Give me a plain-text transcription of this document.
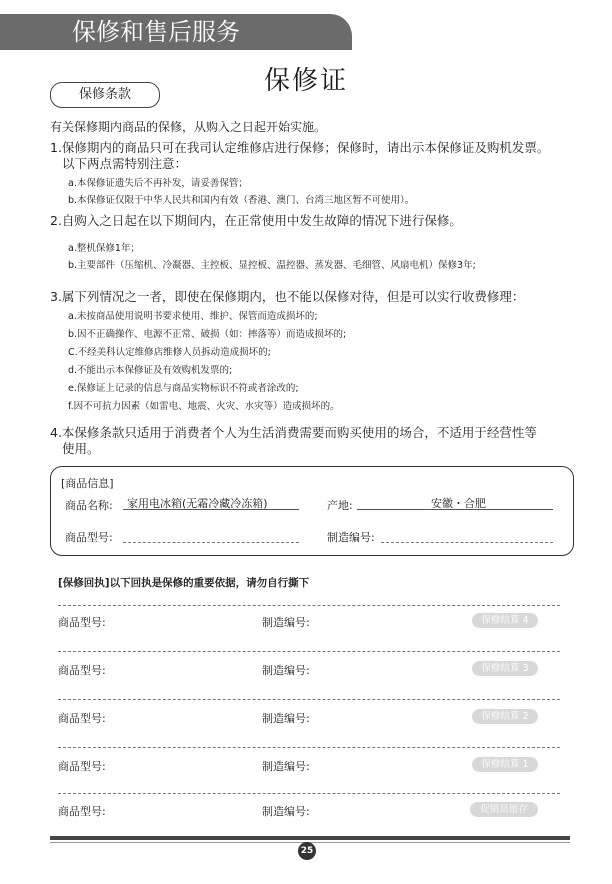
保修和售后服务
保修证
保修条款
有关保修期内商品的保修，从购入之日起开始实施。
1.保修期内的商品只可在我司认定维修店进行保修；保修时，请出示本保修证及购机发票。
以下两点需特别注意：
a.本保修证遗失后不再补发，请妥善保管；
b.本保修证仅限于中华人民共和国内有效（香港、澳门、台湾三地区暂不可使用）。
2.自购入之日起在以下期间内，在正常使用中发生故障的情况下进行保修。
a.整机保修1年；
b.主要部件（压缩机、冷凝器、主控板、显控板、温控器、蒸发器、毛细管、风扇电机）保修3年;
3.属下列情况之一者，即使在保修期内，也不能以保修对待，但是可以实行收费修理：
a.未按商品使用说明书要求使用、维护、保管而造成损坏的;
b.因不正确操作、电源不正常、破损（如：摔落等）而造成损坏的;
C.不经美科认定维修店维修人员拆动造成损坏的;
d.不能出示本保修证及有效购机发票的;
e.保修证上记录的信息与商品实物标识不符或者涂改的;
f.因不可抗力因素（如雷电、地震、火灾、水灾等）造成损坏的。
4.本保修条款只适用于消费者个人为生活消费需要而购买使用的场合，不适用于经营性等
使用。
[商品信息]
商品名称: 家用电冰箱(无霜冷藏冷冻箱)	产地:	安徽・合肥
商品型号:	制造编号:
[保修回执]以下回执是保修的重要依据，请勿自行撕下
商品型号:	制造编号:	保修结算 4
商品型号:	制造编号:	保修结算 3
商品型号:	制造编号:	保修结算 2
商品型号:	制造编号:	保修结算 1
商品型号:	制造编号:	促销员留存
25
